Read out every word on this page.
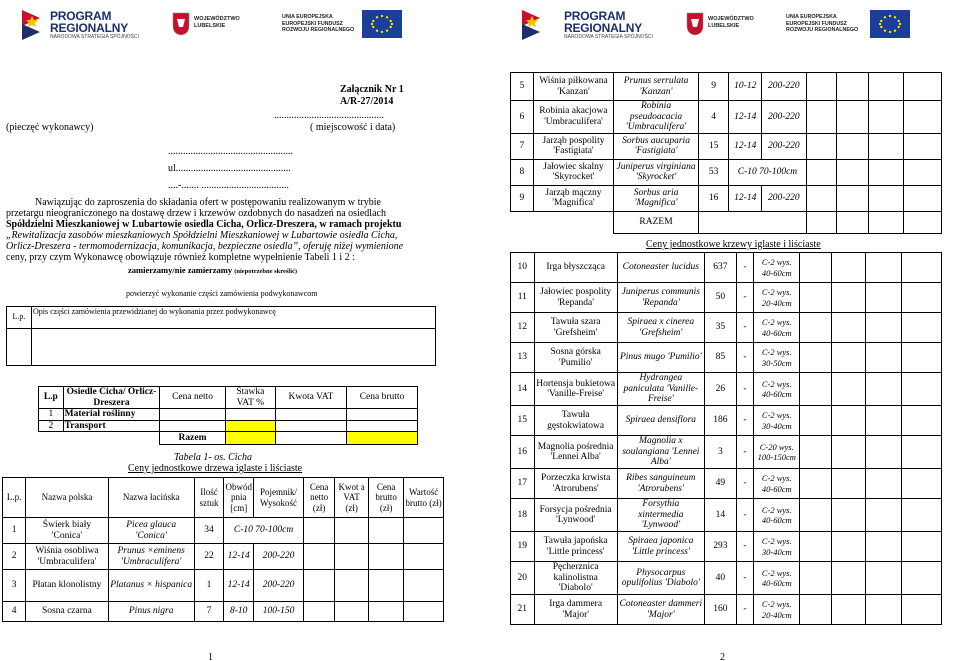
PROGRAM
REGIONALNY
NARODOWA STRATEGIA SPÓJNOŚCI
WOJEWÓDZTWO
LUBELSKIE
UNIA EUROPEJSKA
EUROPEJSKI FUNDUSZ
ROZWOJU REGIONALNEGO
Załącznik Nr 1
A/R-27/2014
............................................
(pieczęć wykonawcy)	( miejscowość i data)
..................................................
ul..............................................
....-....... ...................................
Nawiązując do zaproszenia do składania ofert w postępowaniu realizowanym w trybie
przetargu nieograniczonego na dostawę drzew i krzewów ozdobnych do nasadzeń na osiedlach
Spółdzielni Mieszkaniowej w Lubartowie osiedla Cicha, Orlicz-Dreszera, w ramach projektu
„Rewitalizacja zasobów mieszkaniowych Spółdzielni Mieszkaniowej w Lubartowie osiedla Cicha,
Orlicz-Dreszera - termomodernizacja, komunikacja, bezpieczne osiedla”, oferuję niżej wymienione
ceny, przy czym Wykonawcę obowiązuje również kompletne wypełnienie Tabeli 1 i 2 :
zamierzamy/nie zamierzamy (niepotrzebne skreślić)
powierzyć wykonanie części zamówienia podwykonawcom
L.p.	Opis części zamówienia przewidzianej do wykonania przez podwykonawcę

L.p	Osiedle Cicha/ Orlicz-Dreszera	Cena netto	Stawka VAT %	Kwota VAT	Cena brutto
1	Materiał roślinny				
2	Transport				
		Razem			
Tabela 1- os. Cicha
Ceny jednostkowe drzewa iglaste i liściaste
L.p.	Nazwa polska	Nazwa łacińska	Ilość sztuk	Obwód pnia [cm]	Pojemnik/ Wysokość	Cena netto (zł)	Kwot a VAT (zł)	Cena brutto (zł)	Wartość brutto (zł)
1	Świerk biały 'Conica'	Picea glauca 'Conica'	34	C-10 70-100cm					
2	Wiśnia osobliwa 'Umbraculifera'	Prunus ×eminens 'Umbraculifera'	22	12-14	200-220				
3	Płatan klonolistny	Platanus × hispanica	1	12-14	200-220				
4	Sosna czarna	Pinus nigra	7	8-10	100-150				
1
PROGRAM
REGIONALNY
NARODOWA STRATEGIA SPÓJNOŚCI
WOJEWÓDZTWO
LUBELSKIE
UNIA EUROPEJSKA
EUROPEJSKI FUNDUSZ
ROZWOJU REGIONALNEGO
5	Wiśnia piłkowana 'Kanzan'	Prunus serrulata 'Kanzan'	9	10-12	200-220				
6	Robinia akacjowa 'Umbraculifera'	Robinia pseudoacacia 'Umbraculifera'	4	12-14	200-220				
7	Jarząb pospolity 'Fastigiata'	Sorbus aucuparia 'Fastigiata'	15	12-14	200-220				
8	Jałowiec skalny 'Skyrocket'	Juniperus virginiana 'Skyrocket'	53	C-10 70-100cm					
9	Jarząb mączny 'Magnifica'	Sorbus aria 'Magnifica'	16	12-14	200-220				
		RAZEM							
Ceny jednostkowe krzewy iglaste i liściaste
10	Irga błyszcząca	Cotoneaster lucidus	637	-	C-2 wys. 40-60cm				
11	Jałowiec pospolity 'Repanda'	Juniperus communis 'Repanda'	50	-	C-2 wys. 20-40cm				
12	Tawuła szara 'Grefsheim'	Spiraea x cinerea 'Grefsheim'	35	-	C-2 wys. 40-60cm				
13	Sosna górska 'Pumilio'	Pinus mugo 'Pumilio'	85	-	C-2 wys. 30-50cm				
14	Hortensja bukietowa 'Vanille-Freise'	Hydrangea paniculata 'Vanille-Freise'	26	-	C-2 wys. 40-60cm				
15	Tawuła gęstokwiatowa	Spiraea densiflora	186	-	C-2 wys. 30-40cm				
16	Magnolia pośrednia 'Lennei Alba'	Magnolia x soulangiana 'Lennei Alba'	3	-	C-20 wys. 100-150cm				
17	Porzeczka krwista 'Atrorubens'	Ribes sanguineum 'Atrorubens'	49	-	C-2 wys. 40-60cm				
18	Forsycja pośrednia 'Lynwood'	Forsythia xintermedia 'Lynwood'	14	-	C-2 wys. 40-60cm				
19	Tawuła japońska 'Little princess'	Spiraea japonica 'Little princess'	293	-	C-2 wys. 30-40cm				
20	Pęcherznica kalinolistna 'Diabolo'	Physocarpus opulifolius 'Diabolo'	40	-	C-2 wys. 40-60cm				
21	Irga dammera 'Major'	Cotoneaster dammeri 'Major'	160	-	C-2 wys. 20-40cm				
2
